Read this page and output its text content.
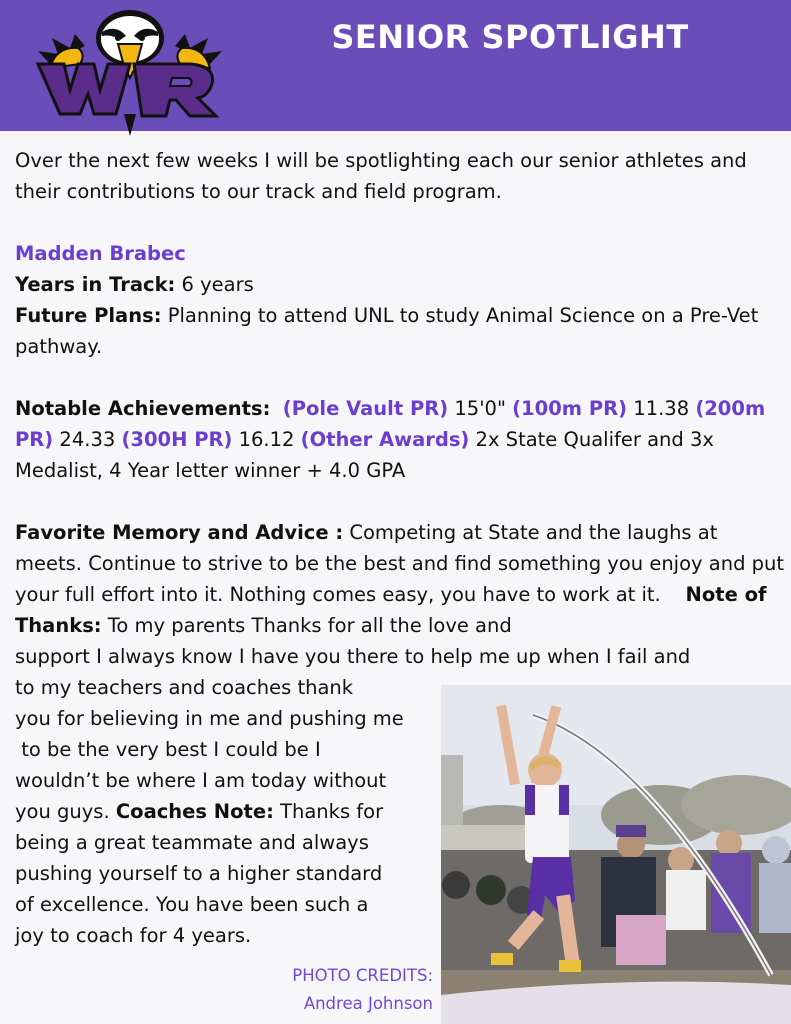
SENIOR SPOTLIGHT

Over the next few weeks I will be spotlighting each our senior athletes and their contributions to our track and field program.

Madden Brabec

Years in Track: 6 years

Future Plans: Planning to attend UNL to study Animal Science on a Pre-Vet pathway.

Notable Achievements: (Pole Vault PR) 15'0" (100m PR) 11.38 (200m PR) 24.33 (300H PR) 16.12 (Other Awards) 2x State Qualifer and 3x Medalist, 4 Year letter winner + 4.0 GPA

Favorite Memory and Advice : Competing at State and the laughs at meets. Continue to strive to be the best and find something you enjoy and put your full effort into it. Nothing comes easy, you have to work at it. Note of Thanks: To my parents Thanks for all the love and

support I always know I have you there to help me up when I fail and

to my teachers and coaches thank

you for believing in me and pushing me

to be the very best I could be I

wouldn’t be where I am today without

you guys. Coaches Note: Thanks for

being a great teammate and always

pushing yourself to a higher standard

of excellence. You have been such a

joy to coach for 4 years.

PHOTO CREDITS:
Andrea Johnson
